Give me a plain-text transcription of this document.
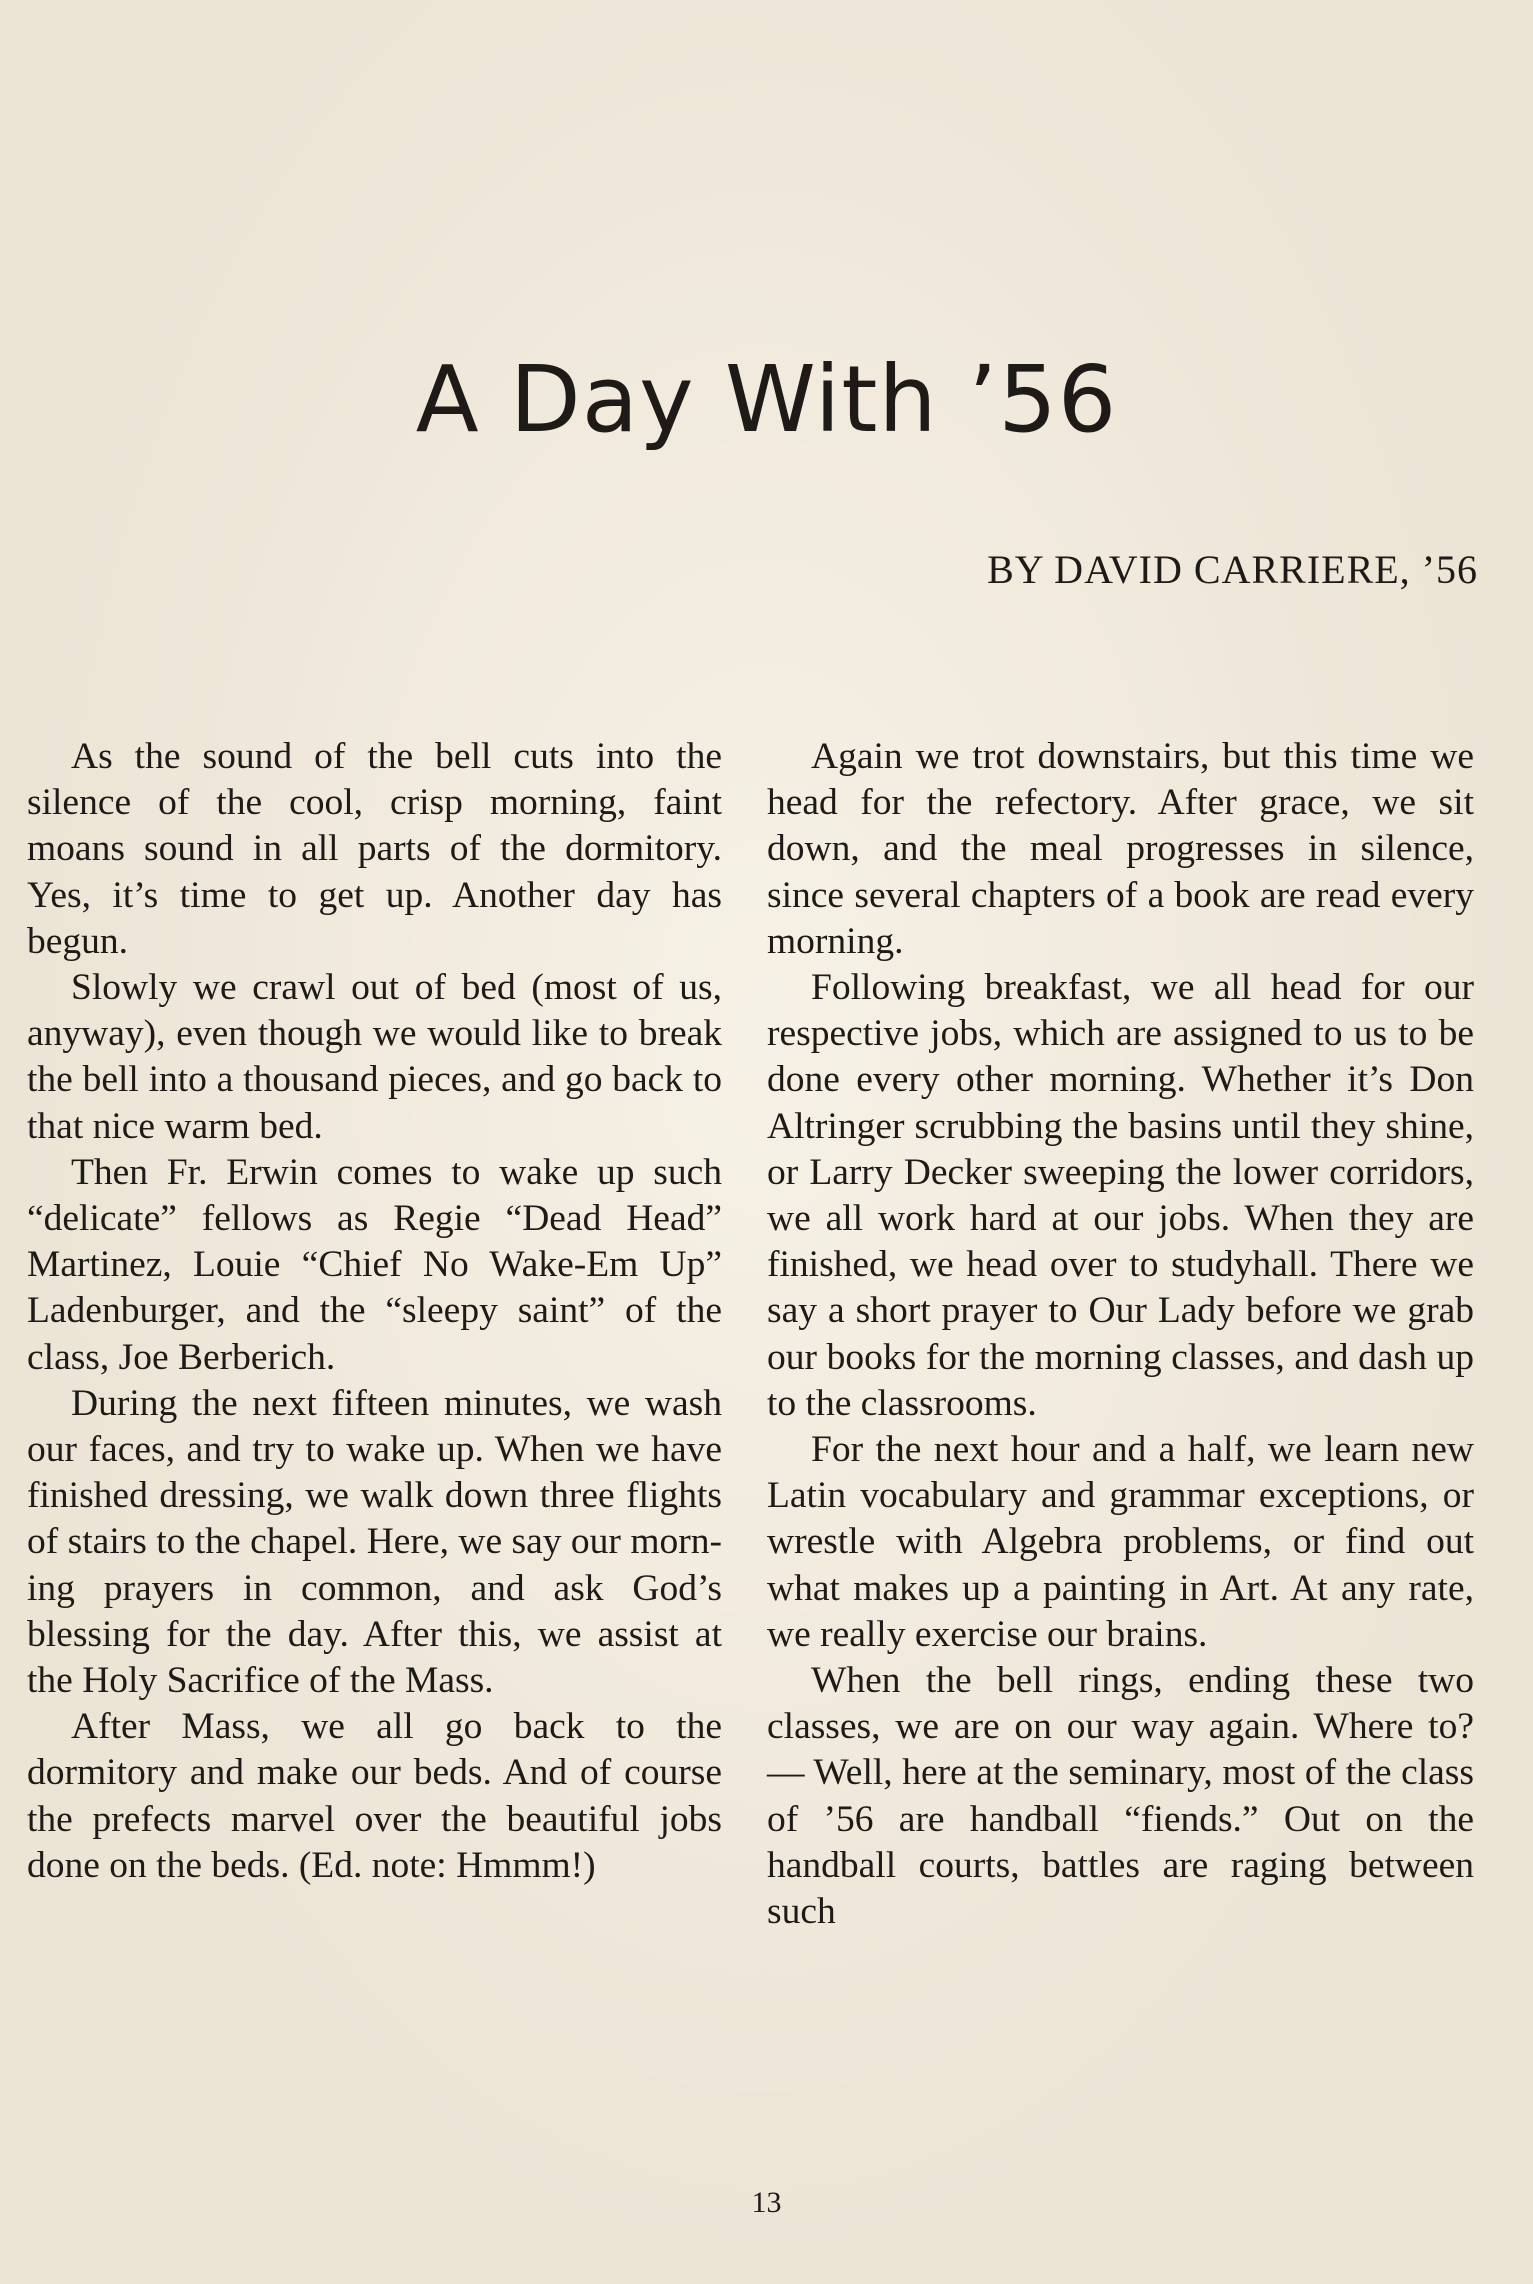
A Day With ’56
BY DAVID CARRIERE, ’56

As the sound of the bell cuts into the silence of the cool, crisp morning, faint moans sound in all parts of the dormitory. Yes, it’s time to get up. Another day has begun.

Slowly we crawl out of bed (most of us, anyway), even though we would like to break the bell into a thousand pieces, and go back to that nice warm bed.

Then Fr. Erwin comes to wake up such “delicate” fellows as Regie “Dead Head” Martinez, Louie “Chief No Wake-Em Up” Ladenburger, and the “sleepy saint” of the class, Joe Berberich.

During the next fifteen minutes, we wash our faces, and try to wake up. When we have finished dressing, we walk down three flights of stairs to the chapel. Here, we say our morning prayers in common, and ask God’s blessing for the day. After this, we assist at the Holy Sacrifice of the Mass.

After Mass, we all go back to the dormitory and make our beds. And of course the prefects marvel over the beautiful jobs done on the beds. (Ed. note: Hmmm!)

Again we trot downstairs, but this time we head for the refectory. After grace, we sit down, and the meal progresses in silence, since several chapters of a book are read every morning.

Following breakfast, we all head for our respective jobs, which are assigned to us to be done every other morning. Whether it’s Don Altringer scrubbing the basins until they shine, or Larry Decker sweeping the lower corridors, we all work hard at our jobs. When they are finished, we head over to studyhall. There we say a short prayer to Our Lady before we grab our books for the morning classes, and dash up to the classrooms.

For the next hour and a half, we learn new Latin vocabulary and grammar exceptions, or wrestle with Algebra problems, or find out what makes up a painting in Art. At any rate, we really exercise our brains.

When the bell rings, ending these two classes, we are on our way again. Where to? — Well, here at the seminary, most of the class of ’56 are handball “fiends.” Out on the handball courts, battles are raging between such

13
